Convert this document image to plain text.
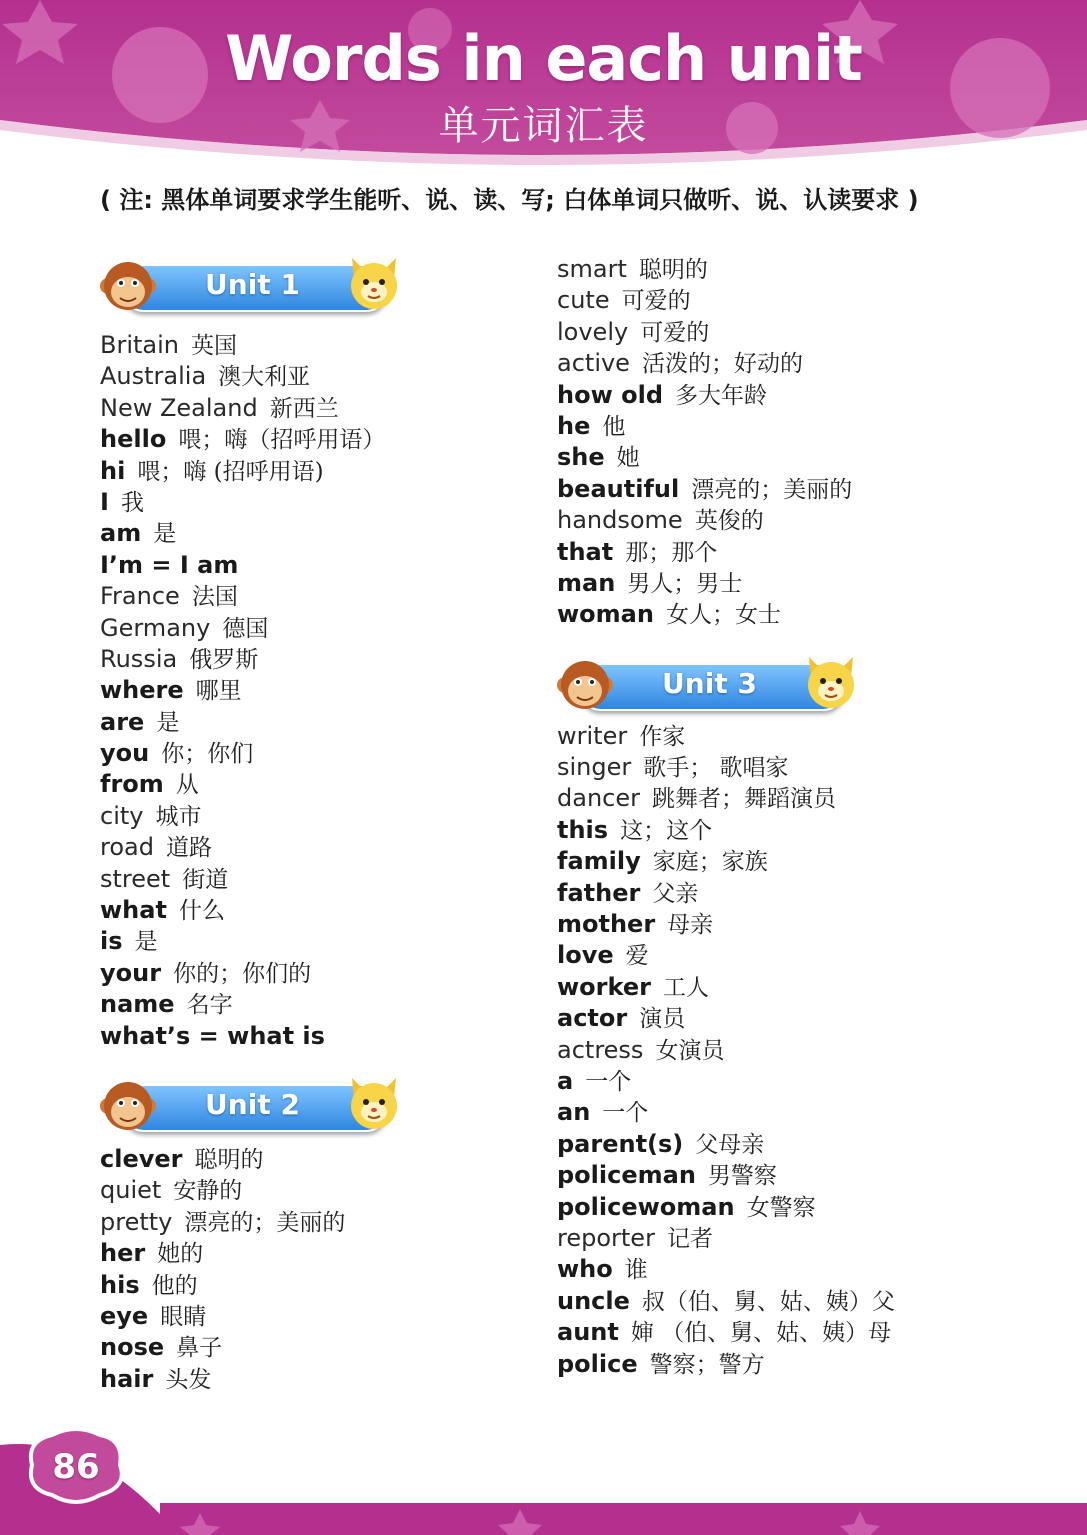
Words in each unit
单元词汇表
( 注: 黑体单词要求学生能听、说、读、写; 白体单词只做听、说、认读要求 )
Unit 1
Britain 英国
Australia 澳大利亚
New Zealand 新西兰
hello 喂；嗨（招呼用语）
hi 喂；嗨 (招呼用语)
I 我
am 是
I’m = I am
France 法国
Germany 德国
Russia 俄罗斯
where 哪里
are 是
you 你；你们
from 从
city 城市
road 道路
street 街道
what 什么
is 是
your 你的；你们的
name 名字
what’s = what is
Unit 2
clever 聪明的
quiet 安静的
pretty 漂亮的；美丽的
her 她的
his 他的
eye 眼睛
nose 鼻子
hair 头发
smart 聪明的
cute 可爱的
lovely 可爱的
active 活泼的；好动的
how old 多大年龄
he 他
she 她
beautiful 漂亮的；美丽的
handsome 英俊的
that 那；那个
man 男人；男士
woman 女人；女士
Unit 3
writer 作家
singer 歌手； 歌唱家
dancer 跳舞者；舞蹈演员
this 这；这个
family 家庭；家族
father 父亲
mother 母亲
love 爱
worker 工人
actor 演员
actress 女演员
a 一个
an 一个
parent(s) 父母亲
policeman 男警察
policewoman 女警察
reporter 记者
who 谁
uncle 叔（伯、舅、姑、姨）父
aunt 婶 （伯、舅、姑、姨）母
police 警察；警方
86
